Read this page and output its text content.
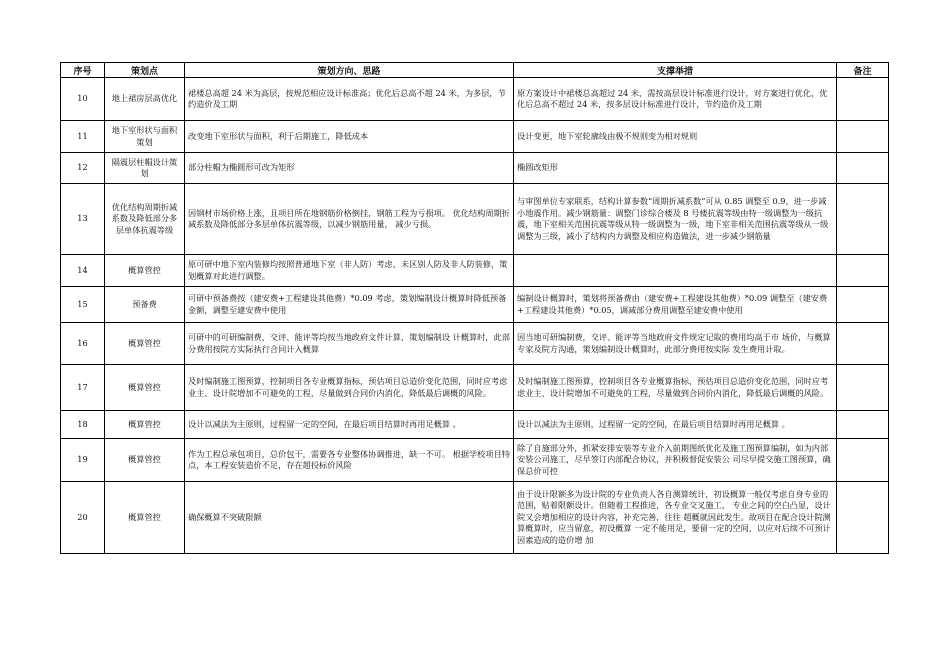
序号	策划点	策划方向、思路	支撑举措	备注
10	地上裙房层高优化	裙楼总高超 24 米为高层，按规范相应设计标准高；优化后总高不超 24 米，为多层，节约造价及工期	原方案设计中裙楼总高超过 24 米，需按高层设计标准进行设计，对方案进行优化，优化后总高不超过 24 米，按多层设计标准进行设计，节约造价及工期	
11	地下室形状与面积策划	改变地下室形状与面积，利于后期施工，降低成本	设计变更，地下室轮廓线由极不规则变为相对规则	
12	隔震层柱帽设计策划	部分柱帽为椭圆形可改为矩形	椭圆改矩形	
13	优化结构周期折减系数及降低部分多层单体抗震等级	因钢材市场价格上涨，且项目所在地钢筋价格倒挂，钢筋工程为亏损项。 优化结构周期折减系数及降低部分多层单体抗震等级，以减少钢筋用量， 减少亏损。	与审图单位专家联系，结构计算参数“周期折减系数”可从 0.85 调整至 0.9，进一步减小地震作用。减少钢筋量：调整门诊综合楼及 8 号楼抗震等级由特一级调整为一级抗震，地下室相关范围抗震等级从特一级调整为一级，地下室非相关范围抗震等级从一级调整为三级，减小了结构内力调整及相应构造做法，进一步减少钢筋量	
14	概算管控	原可研中地下室内装修均按照普通地下室（非人防）考虑，未区别人防及非人防装修，策划概算对此进行调整。		
15	预备费	可研中预备费按（建安费+工程建设其他费）*0.09 考虑，策划编制设计概算时降低预备金额，调整至建安费中使用	编制设计概算时，策划将预备费由（建安费+工程建设其他费）*0.09 调整至（建安费+工程建设其他费）*0.05，调减部分费用调整至建安费中使用	
16	概算管控	可研中的可研编制费，交评、能评等均按当地政府文件计算，策划编制设 计概算时，此部分费用按院方实际执行合同计入概算	因当地可研编制费，交评、能评等当地政府文件规定记取的费用均高于市 场价，与概算专家及院方沟通，策划编制设计概算时，此部分费用按实际 发生费用计取。	
17	概算管控	及时编制施工图预算，控制项目各专业概算指标，预估项目总造价变化范围，同时应考虑业主、设计院增加不可避免的工程，尽量做到合同价内消化，降低最后调概的风险。	及时编制施工图预算，控制项目各专业概算指标，预估项目总造价变化范围，同时应考虑业主、设计院增加不可避免的工程，尽量做到合同价内消化，降低最后调概的风险。	
18	概算管控	设计以减法为主原则，过程留一定的空间，在最后项目结算时再用足概算 。	设计以减法为主原则，过程留一定的空间，在最后项目结算时再用足概算 。	
19	概算管控	作为工程总承包项目，总价包干，需要各专业整体协调推进，缺一不可。 根据学校项目特点，本工程安装造价不足，存在超投标价风险	除了自施部分外，抓紧安排安装等专业介入前期图纸优化及施工图预算编制，如为内部安装公司施工，尽早签订内部配合协议，并积极督促安装公 司尽早提交施工图预算，确保总价可控	
20	概算管控	确保概算不突破限额	由于设计限额多为设计院的专业负责人各自测算统计，初设概算一般仅考虑自身专业的范围，贴着限额设计。但随着工程推进，各专业交叉施工， 专业之间的空白凸显，设计院又会增加相应的设计内容，补充完善，往往 超概就因此发生。故项目在配合设计院测算概算时，应当留意，初设概算 一定不能用足，要留一定的空间，以应对后续不可预计因素造成的造价增 加	
